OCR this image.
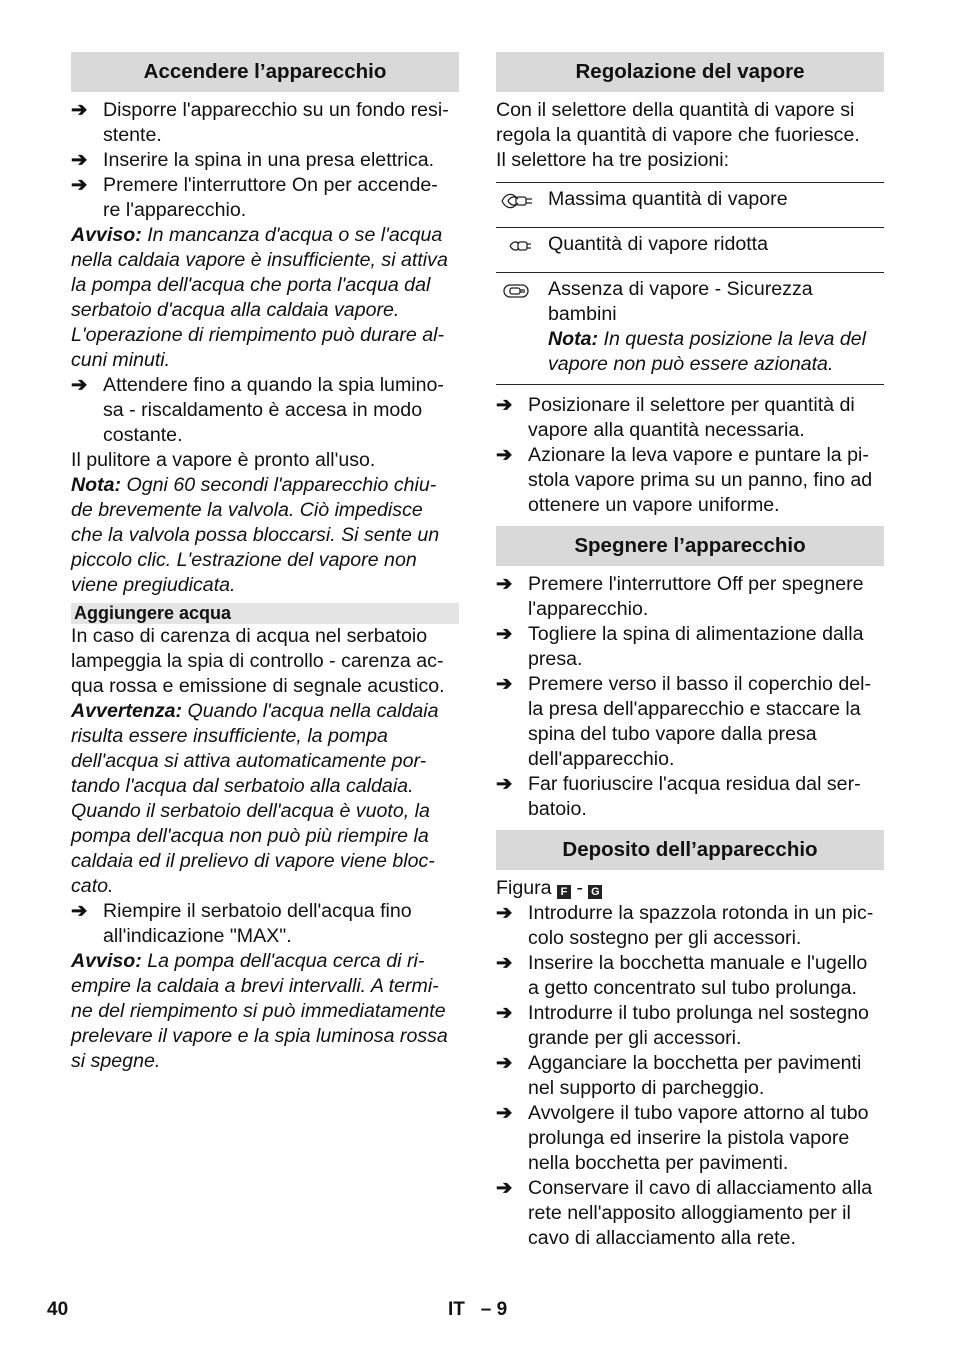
Accendere l’apparecchio
➔ Disporre l'apparecchio su un fondo resi-

stente.

➔ Inserire la spina in una presa elettrica.

➔ Premere l'interruttore On per accende-

re l'apparecchio.

Avviso: In mancanza d'acqua o se l'acqua

nella caldaia vapore è insufficiente, si attiva

la pompa dell'acqua che porta l'acqua dal

serbatoio d'acqua alla caldaia vapore.

L'operazione di riempimento può durare al-

cuni minuti.

➔ Attendere fino a quando la spia lumino-

sa - riscaldamento è accesa in modo

costante.

Il pulitore a vapore è pronto all'uso.

Nota: Ogni 60 secondi l'apparecchio chiu-

de brevemente la valvola. Ciò impedisce

che la valvola possa bloccarsi. Si sente un

piccolo clic. L'estrazione del vapore non

viene pregiudicata.

Aggiungere acqua

In caso di carenza di acqua nel serbatoio

lampeggia la spia di controllo - carenza ac-

qua rossa e emissione di segnale acustico.

Avvertenza: Quando l'acqua nella caldaia

risulta essere insufficiente, la pompa

dell'acqua si attiva automaticamente por-

tando l'acqua dal serbatoio alla caldaia.

Quando il serbatoio dell'acqua è vuoto, la

pompa dell'acqua non può più riempire la

caldaia ed il prelievo di vapore viene bloc-

cato.

➔ Riempire il serbatoio dell'acqua fino

all'indicazione "MAX".

Avviso: La pompa dell'acqua cerca di ri-

empire la caldaia a brevi intervalli. A termi-

ne del riempimento si può immediatamente

prelevare il vapore e la spia luminosa rossa

si spegne.

Regolazione del vapore

Con il selettore della quantità di vapore si

regola la quantità di vapore che fuoriesce.

Il selettore ha tre posizioni:

	Massima quantità di vapore
	Quantità di vapore ridotta

Assenza di vapore - Sicurezza bambini

Nota: In questa posizione la leva del

vapore non può essere azionata.

➔ Posizionare il selettore per quantità di

vapore alla quantità necessaria.

➔ Azionare la leva vapore e puntare la pi-

stola vapore prima su un panno, fino ad

ottenere un vapore uniforme.

Spegnere l’apparecchio
➔ Premere l'interruttore Off per spegnere

l'apparecchio.

➔ Togliere la spina di alimentazione dalla

presa.

➔ Premere verso il basso il coperchio del-

la presa dell'apparecchio e staccare la

spina del tubo vapore dalla presa

dell'apparecchio.

➔ Far fuoriuscire l'acqua residua dal ser-

batoio.

Deposito dell’apparecchio

Figura F - G

➔ Introdurre la spazzola rotonda in un pic-

colo sostegno per gli accessori.

➔ Inserire la bocchetta manuale e l'ugello

a getto concentrato sul tubo prolunga.

➔ Introdurre il tubo prolunga nel sostegno

grande per gli accessori.

➔ Agganciare la bocchetta per pavimenti

nel supporto di parcheggio.

➔ Avvolgere il tubo vapore attorno al tubo

prolunga ed inserire la pistola vapore

nella bocchetta per pavimenti.

➔ Conservare il cavo di allacciamento alla

rete nell'apposito alloggiamento per il

cavo di allacciamento alla rete.

40	IT – 9
